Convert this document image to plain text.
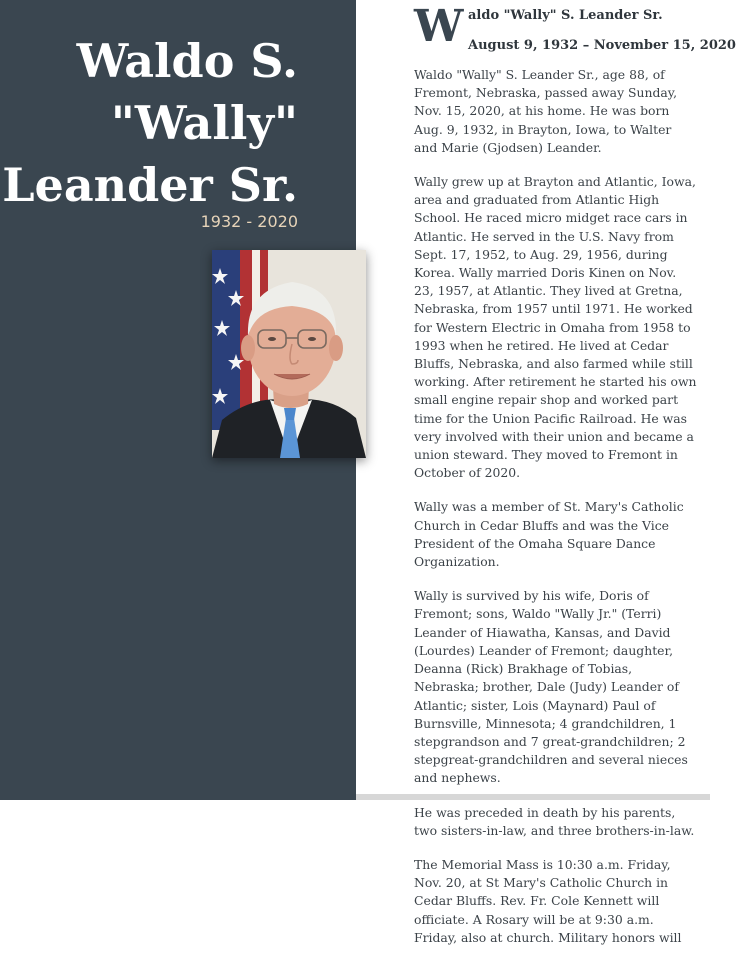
Waldo S.
"Wally"
Leander Sr.
1932 - 2020
W aldo "Wally" S. Leander Sr.
August 9, 1932 – November 15, 2020

Waldo "Wally" S. Leander Sr., age 88, of Fremont, Nebraska, passed away Sunday, Nov. 15, 2020, at his home. He was born Aug. 9, 1932, in Brayton, Iowa, to Walter and Marie (Gjodsen) Leander.

Wally grew up at Brayton and Atlantic, Iowa, area and graduated from Atlantic High School. He raced micro midget race cars in Atlantic. He served in the U.S. Navy from Sept. 17, 1952, to Aug. 29, 1956, during Korea. Wally married Doris Kinen on Nov. 23, 1957, at Atlantic. They lived at Gretna, Nebraska, from 1957 until 1971. He worked for Western Electric in Omaha from 1958 to 1993 when he retired. He lived at Cedar Bluffs, Nebraska, and also farmed while still working. After retirement he started his own small engine repair shop and worked part time for the Union Pacific Railroad. He was very involved with their union and became a union steward. They moved to Fremont in October of 2020.

Wally was a member of St. Mary's Catholic Church in Cedar Bluffs and was the Vice President of the Omaha Square Dance Organization.

Wally is survived by his wife, Doris of Fremont; sons, Waldo "Wally Jr." (Terri) Leander of Hiawatha, Kansas, and David (Lourdes) Leander of Fremont; daughter, Deanna (Rick) Brakhage of Tobias, Nebraska; brother, Dale (Judy) Leander of Atlantic; sister, Lois (Maynard) Paul of Burnsville, Minnesota; 4 grandchildren, 1 stepgrandson and 7 great-grandchildren; 2 stepgreat-grandchildren and several nieces and nephews.

He was preceded in death by his parents, two sisters-in-law, and three brothers-in-law.

The Memorial Mass is 10:30 a.m. Friday, Nov. 20, at St Mary's Catholic Church in Cedar Bluffs. Rev. Fr. Cole Kennett will officiate. A Rosary will be at 9:30 a.m. Friday, also at church. Military honors will
